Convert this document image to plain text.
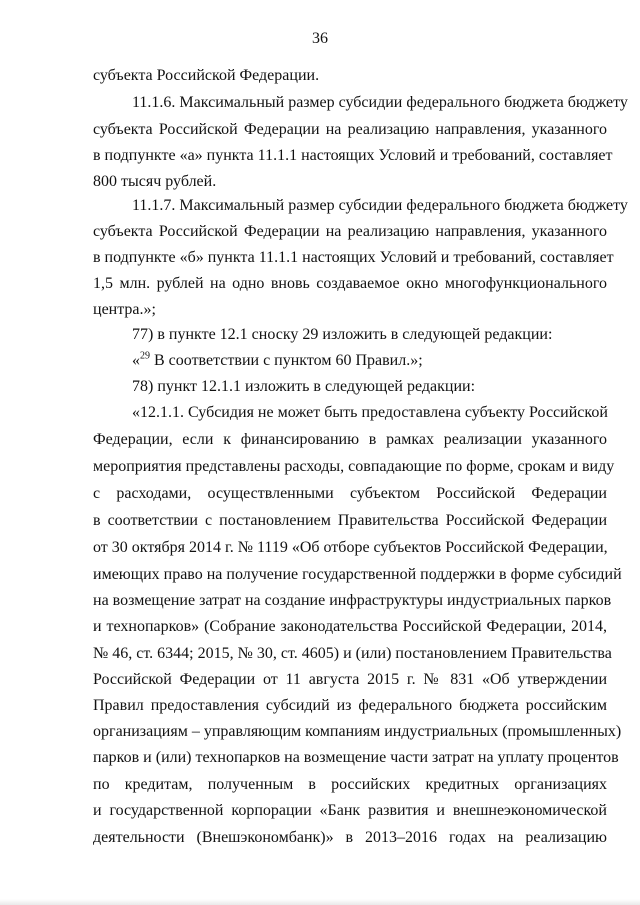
36
субъекта Российской Федерации.
11.1.6. Максимальный размер субсидии федерального бюджета бюджету
субъекта Российской Федерации на реализацию направления, указанного
в подпункте «а» пункта 11.1.1 настоящих Условий и требований, составляет
800 тысяч рублей.
11.1.7. Максимальный размер субсидии федерального бюджета бюджету
субъекта Российской Федерации на реализацию направления, указанного
в подпункте «б» пункта 11.1.1 настоящих Условий и требований, составляет
1,5 млн. рублей на одно вновь создаваемое окно многофункционального
центра.»;
77) в пункте 12.1 сноску 29 изложить в следующей редакции:
«$^{29}$ В соответствии с пунктом 60 Правил.»;
78) пункт 12.1.1 изложить в следующей редакции:
«12.1.1. Субсидия не может быть предоставлена субъекту Российской
Федерации, если к финансированию в рамках реализации указанного
мероприятия представлены расходы, совпадающие по форме, срокам и виду
с расходами, осуществленными субъектом Российской Федерации
в соответствии с постановлением Правительства Российской Федерации
от 30 октября 2014 г. № 1119 «Об отборе субъектов Российской Федерации,
имеющих право на получение государственной поддержки в форме субсидий
на возмещение затрат на создание инфраструктуры индустриальных парков
и технопарков» (Собрание законодательства Российской Федерации, 2014,
№ 46, ст. 6344; 2015, № 30, ст. 4605) и (или) постановлением Правительства
Российской Федерации от 11 августа 2015 г. № 831 «Об утверждении
Правил предоставления субсидий из федерального бюджета российским
организациям – управляющим компаниям индустриальных (промышленных)
парков и (или) технопарков на возмещение части затрат на уплату процентов
по кредитам, полученным в российских кредитных организациях
и государственной корпорации «Банк развития и внешнеэкономической
деятельности (Внешэкономбанк)» в 2013–2016 годах на реализацию
